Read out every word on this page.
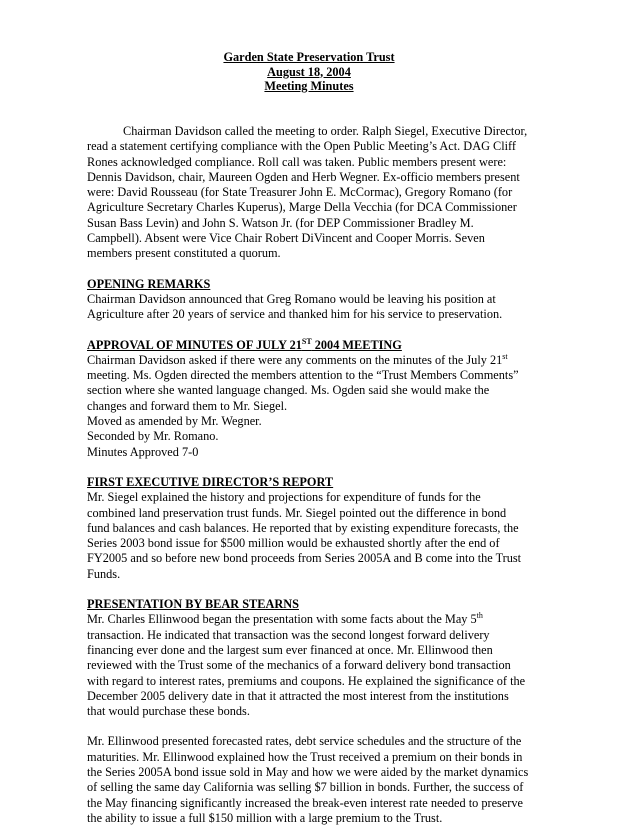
Garden State Preservation Trust
August 18, 2004
Meeting Minutes

Chairman Davidson called the meeting to order. Ralph Siegel, Executive Director, read a statement certifying compliance with the Open Public Meeting’s Act. DAG Cliff Rones acknowledged compliance. Roll call was taken. Public members present were: Dennis Davidson, chair, Maureen Ogden and Herb Wegner. Ex-officio members present were: David Rousseau (for State Treasurer John E. McCormac), Gregory Romano (for Agriculture Secretary Charles Kuperus), Marge Della Vecchia (for DCA Commissioner Susan Bass Levin) and John S. Watson Jr. (for DEP Commissioner Bradley M. Campbell). Absent were Vice Chair Robert DiVincent and Cooper Morris. Seven members present constituted a quorum.

OPENING REMARKS

Chairman Davidson announced that Greg Romano would be leaving his position at Agriculture after 20 years of service and thanked him for his service to preservation.

APPROVAL OF MINUTES OF JULY 21ST 2004 MEETING

Chairman Davidson asked if there were any comments on the minutes of the July 21st meeting. Ms. Ogden directed the members attention to the “Trust Members Comments” section where she wanted language changed. Ms. Ogden said she would make the changes and forward them to Mr. Siegel.

Moved as amended by Mr. Wegner.

Seconded by Mr. Romano.

Minutes Approved 7-0

FIRST EXECUTIVE DIRECTOR’S REPORT

Mr. Siegel explained the history and projections for expenditure of funds for the combined land preservation trust funds. Mr. Siegel pointed out the difference in bond fund balances and cash balances. He reported that by existing expenditure forecasts, the Series 2003 bond issue for $500 million would be exhausted shortly after the end of FY2005 and so before new bond proceeds from Series 2005A and B come into the Trust Funds.

PRESENTATION BY BEAR STEARNS

Mr. Charles Ellinwood began the presentation with some facts about the May 5th transaction. He indicated that transaction was the second longest forward delivery financing ever done and the largest sum ever financed at once. Mr. Ellinwood then reviewed with the Trust some of the mechanics of a forward delivery bond transaction with regard to interest rates, premiums and coupons. He explained the significance of the December 2005 delivery date in that it attracted the most interest from the institutions that would purchase these bonds.

Mr. Ellinwood presented forecasted rates, debt service schedules and the structure of the maturities. Mr. Ellinwood explained how the Trust received a premium on their bonds in the Series 2005A bond issue sold in May and how we were aided by the market dynamics of selling the same day California was selling $7 billion in bonds. Further, the success of the May financing significantly increased the break-even interest rate needed to preserve the ability to issue a full $150 million with a large premium to the Trust.
